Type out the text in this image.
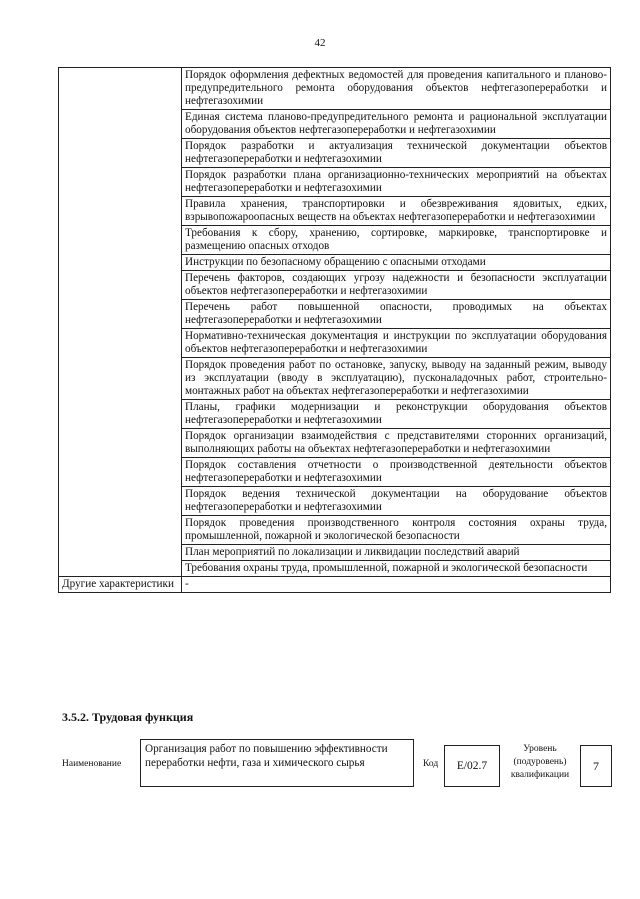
42
	Порядок оформления дефектных ведомостей для проведения капитального и планово-предупредительного ремонта оборудования объектов нефтегазопереработки и нефтегазохимии
	Единая система планово-предупредительного ремонта и рациональной эксплуатации оборудования объектов нефтегазопереработки и нефтегазохимии
	Порядок разработки и актуализация технической документации объектов нефтегазопереработки и нефтегазохимии
	Порядок разработки плана организационно-технических мероприятий на объектах нефтегазопереработки и нефтегазохимии
	Правила хранения, транспортировки и обезвреживания ядовитых, едких, взрывопожароопасных веществ на объектах нефтегазопереработки и нефтегазохимии
	Требования к сбору, хранению, сортировке, маркировке, транспортировке и размещению опасных отходов
	Инструкции по безопасному обращению с опасными отходами
	Перечень факторов, создающих угрозу надежности и безопасности эксплуатации объектов нефтегазопереработки и нефтегазохимии
	Перечень работ повышенной опасности, проводимых на объектах нефтегазопереработки и нефтегазохимии
	Нормативно-техническая документация и инструкции по эксплуатации оборудования объектов нефтегазопереработки и нефтегазохимии
	Порядок проведения работ по остановке, запуску, выводу на заданный режим, выводу из эксплуатации (вводу в эксплуатацию), пусконаладочных работ, строительно-монтажных работ на объектах нефтегазопереработки и нефтегазохимии
	Планы, графики модернизации и реконструкции оборудования объектов нефтегазопереработки и нефтегазохимии
	Порядок организации взаимодействия с представителями сторонних организаций, выполняющих работы на объектах нефтегазопереработки и нефтегазохимии
	Порядок составления отчетности о производственной деятельности объектов нефтегазопереработки и нефтегазохимии
	Порядок ведения технической документации на оборудование объектов нефтегазопереработки и нефтегазохимии
	Порядок проведения производственного контроля состояния охраны труда, промышленной, пожарной и экологической безопасности
	План мероприятий по локализации и ликвидации последствий аварий
	Требования охраны труда, промышленной, пожарной и экологической безопасности
Другие характеристики	-
3.5.2. Трудовая функция
Наименование
Организация работ по повышению эффективности переработки нефти, газа и химического сырья	Код	E/02.7
Уровень (подуровень) квалификации
7
